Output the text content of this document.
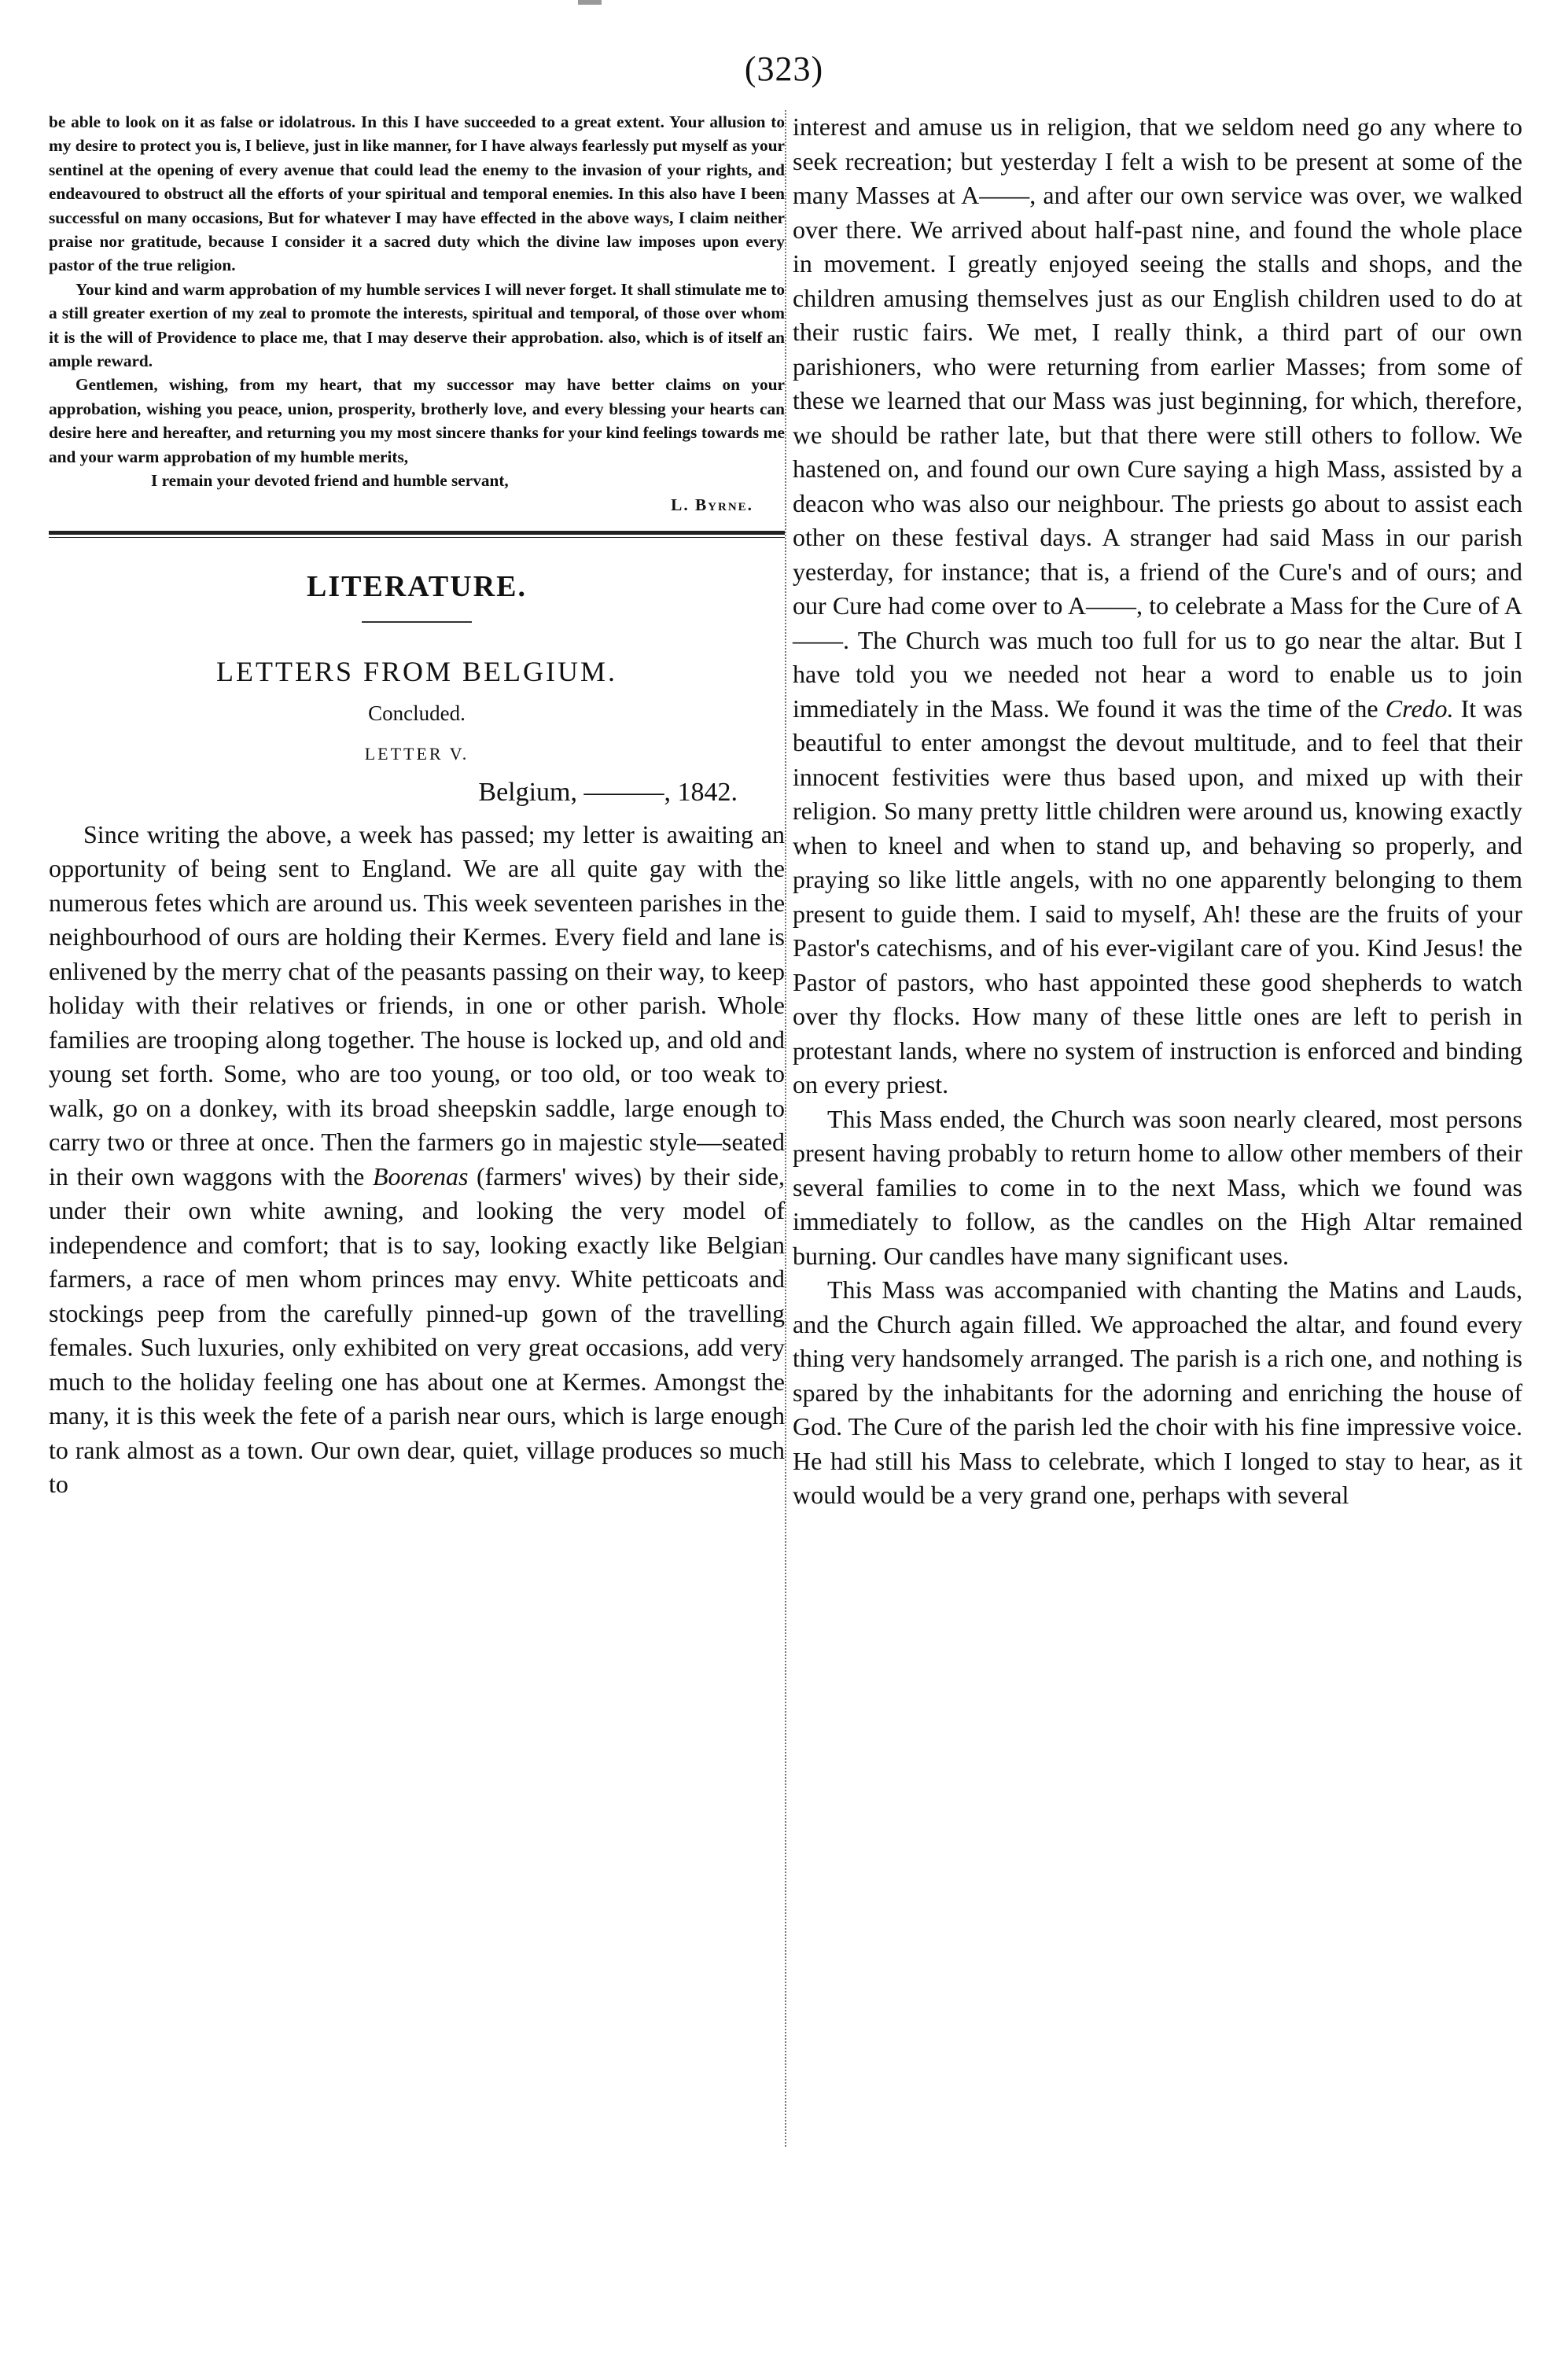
(323)

be able to look on it as false or idolatrous. In this I have succeeded to a great extent. Your allusion to my desire to protect you is, I believe, just in like manner, for I have always fearlessly put myself as your sentinel at the opening of every avenue that could lead the enemy to the invasion of your rights, and endeavoured to obstruct all the efforts of your spiritual and temporal enemies. In this also have I been successful on many occasions, But for whatever I may have effected in the above ways, I claim neither praise nor gratitude, because I consider it a sacred duty which the divine law imposes upon every pastor of the true religion.

Your kind and warm approbation of my humble services I will never forget. It shall stimulate me to a still greater exertion of my zeal to promote the interests, spiritual and temporal, of those over whom it is the will of Providence to place me, that I may deserve their approbation. also, which is of itself an ample reward.

Gentlemen, wishing, from my heart, that my successor may have better claims on your approbation, wishing you peace, union, prosperity, brotherly love, and every blessing your hearts can desire here and hereafter, and returning you my most sincere thanks for your kind feelings towards me and your warm approbation of my humble merits,

I remain your devoted friend and humble servant,
L. Byrne.
LITERATURE.
LETTERS FROM BELGIUM.
Concluded.
LETTER V.
Belgium, ———, 1842.

Since writing the above, a week has passed; my letter is awaiting an opportunity of being sent to England. We are all quite gay with the numerous fetes which are around us. This week seventeen parishes in the neighbourhood of ours are holding their Kermes. Every field and lane is enlivened by the merry chat of the peasants passing on their way, to keep holiday with their relatives or friends, in one or other parish. Whole families are trooping along together. The house is locked up, and old and young set forth. Some, who are too young, or too old, or too weak to walk, go on a donkey, with its broad sheepskin saddle, large enough to carry two or three at once. Then the farmers go in majestic style—seated in their own waggons with the Boorenas (farmers' wives) by their side, under their own white awning, and looking the very model of independence and comfort; that is to say, looking exactly like Belgian farmers, a race of men whom princes may envy. White petticoats and stockings peep from the carefully pinned-up gown of the travelling females. Such luxuries, only exhibited on very great occasions, add very much to the holiday feeling one has about one at Kermes. Amongst the many, it is this week the fete of a parish near ours, which is large enough to rank almost as a town. Our own dear, quiet, village produces so much to

interest and amuse us in religion, that we seldom need go any where to seek recreation; but yesterday I felt a wish to be present at some of the many Masses at A——, and after our own service was over, we walked over there. We arrived about half-past nine, and found the whole place in movement. I greatly enjoyed seeing the stalls and shops, and the children amusing themselves just as our English children used to do at their rustic fairs. We met, I really think, a third part of our own parishioners, who were returning from earlier Masses; from some of these we learned that our Mass was just beginning, for which, therefore, we should be rather late, but that there were still others to follow. We hastened on, and found our own Cure saying a high Mass, assisted by a deacon who was also our neighbour. The priests go about to assist each other on these festival days. A stranger had said Mass in our parish yesterday, for instance; that is, a friend of the Cure's and of ours; and our Cure had come over to A——, to celebrate a Mass for the Cure of A——. The Church was much too full for us to go near the altar. But I have told you we needed not hear a word to enable us to join immediately in the Mass. We found it was the time of the Credo. It was beautiful to enter amongst the devout multitude, and to feel that their innocent festivities were thus based upon, and mixed up with their religion. So many pretty little children were around us, knowing exactly when to kneel and when to stand up, and behaving so properly, and praying so like little angels, with no one apparently belonging to them present to guide them. I said to myself, Ah! these are the fruits of your Pastor's catechisms, and of his ever-vigilant care of you. Kind Jesus! the Pastor of pastors, who hast appointed these good shepherds to watch over thy flocks. How many of these little ones are left to perish in protestant lands, where no system of instruction is enforced and binding on every priest.

This Mass ended, the Church was soon nearly cleared, most persons present having probably to return home to allow other members of their several families to come in to the next Mass, which we found was immediately to follow, as the candles on the High Altar remained burning. Our candles have many significant uses.

This Mass was accompanied with chanting the Matins and Lauds, and the Church again filled. We approached the altar, and found every thing very handsomely arranged. The parish is a rich one, and nothing is spared by the inhabitants for the adorning and enriching the house of God. The Cure of the parish led the choir with his fine impressive voice. He had still his Mass to celebrate, which I longed to stay to hear, as it would would be a very grand one, perhaps with several
